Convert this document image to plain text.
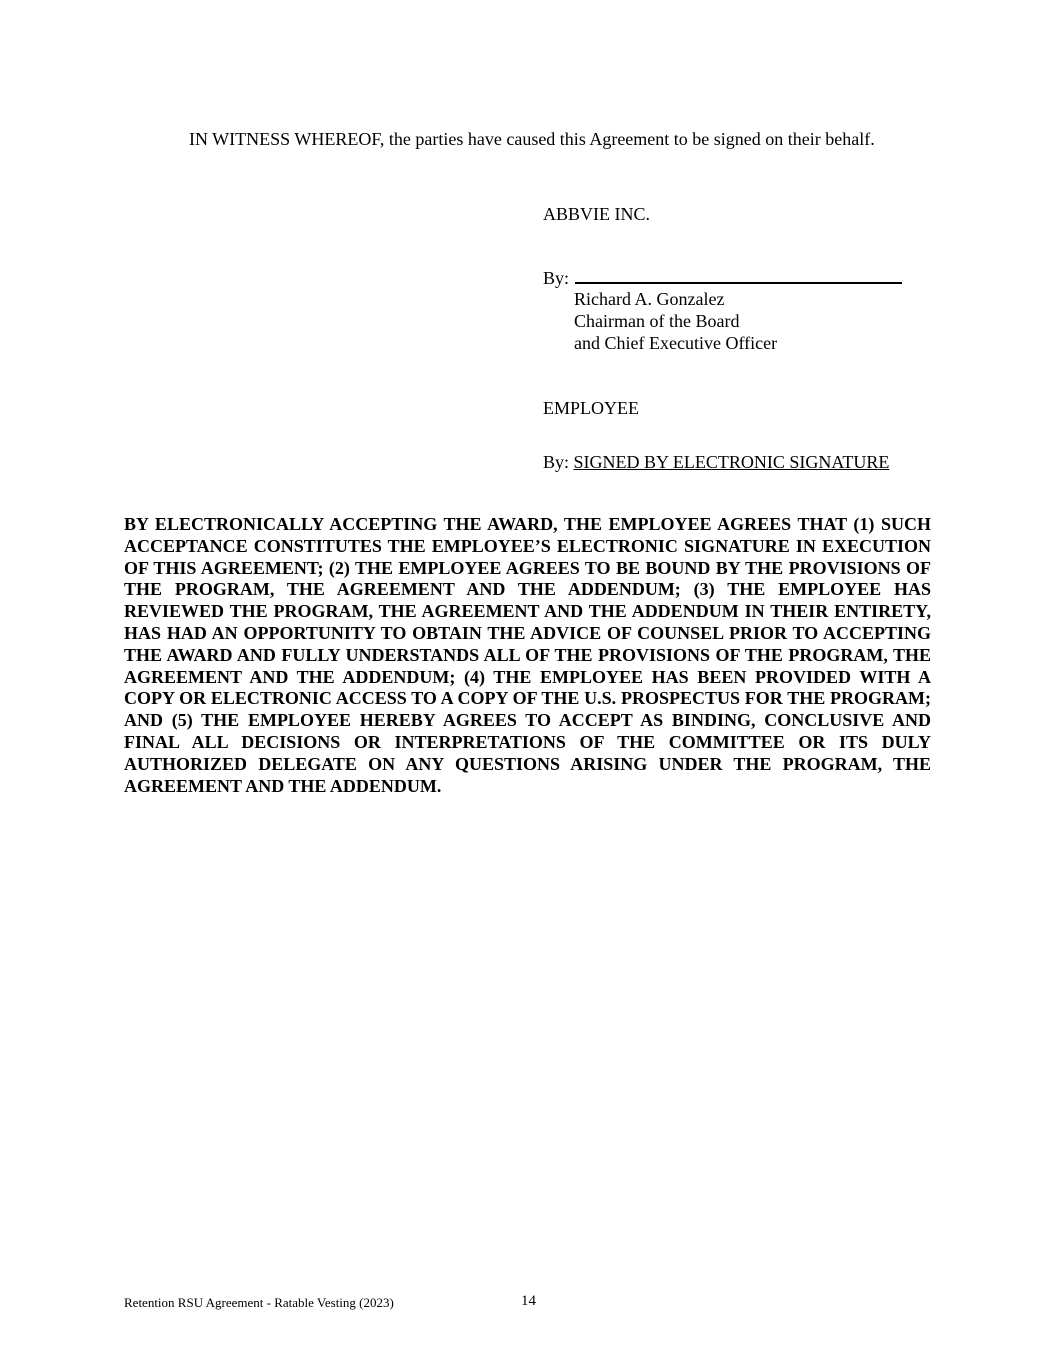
IN WITNESS WHEREOF, the parties have caused this Agreement to be signed on their behalf.
ABBVIE INC.
By:
Richard A. Gonzalez
Chairman of the Board
and Chief Executive Officer
EMPLOYEE
By: SIGNED BY ELECTRONIC SIGNATURE
BY ELECTRONICALLY ACCEPTING THE AWARD, THE EMPLOYEE AGREES THAT (1) SUCH ACCEPTANCE CONSTITUTES THE EMPLOYEE’S ELECTRONIC SIGNATURE IN EXECUTION OF THIS AGREEMENT; (2) THE EMPLOYEE AGREES TO BE BOUND BY THE PROVISIONS OF THE PROGRAM, THE AGREEMENT AND THE ADDENDUM; (3) THE EMPLOYEE HAS REVIEWED THE PROGRAM, THE AGREEMENT AND THE ADDENDUM IN THEIR ENTIRETY, HAS HAD AN OPPORTUNITY TO OBTAIN THE ADVICE OF COUNSEL PRIOR TO ACCEPTING THE AWARD AND FULLY UNDERSTANDS ALL OF THE PROVISIONS OF THE PROGRAM, THE AGREEMENT AND THE ADDENDUM; (4) THE EMPLOYEE HAS BEEN PROVIDED WITH A COPY OR ELECTRONIC ACCESS TO A COPY OF THE U.S. PROSPECTUS FOR THE PROGRAM; AND (5) THE EMPLOYEE HEREBY AGREES TO ACCEPT AS BINDING, CONCLUSIVE AND FINAL ALL DECISIONS OR INTERPRETATIONS OF THE COMMITTEE OR ITS DULY AUTHORIZED DELEGATE ON ANY QUESTIONS ARISING UNDER THE PROGRAM, THE AGREEMENT AND THE ADDENDUM.
Retention RSU Agreement - Ratable Vesting (2023)	14
